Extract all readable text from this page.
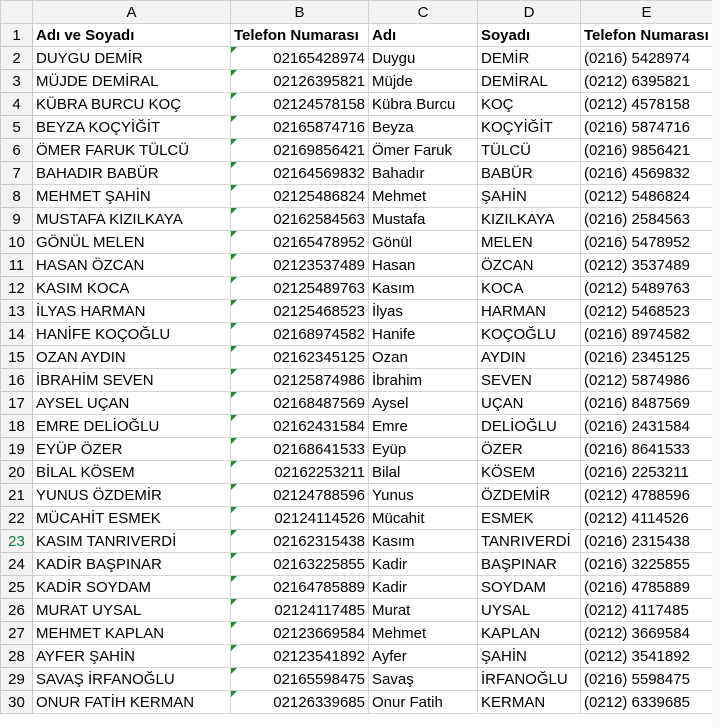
	A	B	C	D	E
1	Adı ve Soyadı	Telefon Numarası	Adı	Soyadı	Telefon Numarası
2	DUYGU DEMİR	02165428974	Duygu	DEMİR	(0216) 5428974
3	MÜJDE DEMİRAL	02126395821	Müjde	DEMİRAL	(0212) 6395821
4	KÜBRA BURCU KOÇ	02124578158	Kübra Burcu	KOÇ	(0212) 4578158
5	BEYZA KOÇYİĞİT	02165874716	Beyza	KOÇYİĞİT	(0216) 5874716
6	ÖMER FARUK TÜLCÜ	02169856421	Ömer Faruk	TÜLCÜ	(0216) 9856421
7	BAHADIR BABÜR	02164569832	Bahadır	BABÜR	(0216) 4569832
8	MEHMET ŞAHİN	02125486824	Mehmet	ŞAHİN	(0212) 5486824
9	MUSTAFA KIZILKAYA	02162584563	Mustafa	KIZILKAYA	(0216) 2584563
10	GÖNÜL MELEN	02165478952	Gönül	MELEN	(0216) 5478952
11	HASAN ÖZCAN	02123537489	Hasan	ÖZCAN	(0212) 3537489
12	KASIM KOCA	02125489763	Kasım	KOCA	(0212) 5489763
13	İLYAS HARMAN	02125468523	İlyas	HARMAN	(0212) 5468523
14	HANİFE KOÇOĞLU	02168974582	Hanife	KOÇOĞLU	(0216) 8974582
15	OZAN AYDIN	02162345125	Ozan	AYDIN	(0216) 2345125
16	İBRAHİM SEVEN	02125874986	İbrahim	SEVEN	(0212) 5874986
17	AYSEL UÇAN	02168487569	Aysel	UÇAN	(0216) 8487569
18	EMRE DELİOĞLU	02162431584	Emre	DELİOĞLU	(0216) 2431584
19	EYÜP ÖZER	02168641533	Eyüp	ÖZER	(0216) 8641533
20	BİLAL KÖSEM	02162253211	Bilal	KÖSEM	(0216) 2253211
21	YUNUS ÖZDEMİR	02124788596	Yunus	ÖZDEMİR	(0212) 4788596
22	MÜCAHİT ESMEK	02124114526	Mücahit	ESMEK	(0212) 4114526
23	KASIM TANRIVERDİ	02162315438	Kasım	TANRIVERDİ	(0216) 2315438
24	KADİR BAŞPINAR	02163225855	Kadir	BAŞPINAR	(0216) 3225855
25	KADİR SOYDAM	02164785889	Kadir	SOYDAM	(0216) 4785889
26	MURAT UYSAL	02124117485	Murat	UYSAL	(0212) 4117485
27	MEHMET KAPLAN	02123669584	Mehmet	KAPLAN	(0212) 3669584
28	AYFER ŞAHİN	02123541892	Ayfer	ŞAHİN	(0212) 3541892
29	SAVAŞ İRFANOĞLU	02165598475	Savaş	İRFANOĞLU	(0216) 5598475
30	ONUR FATİH KERMAN	02126339685	Onur Fatih	KERMAN	(0212) 6339685
